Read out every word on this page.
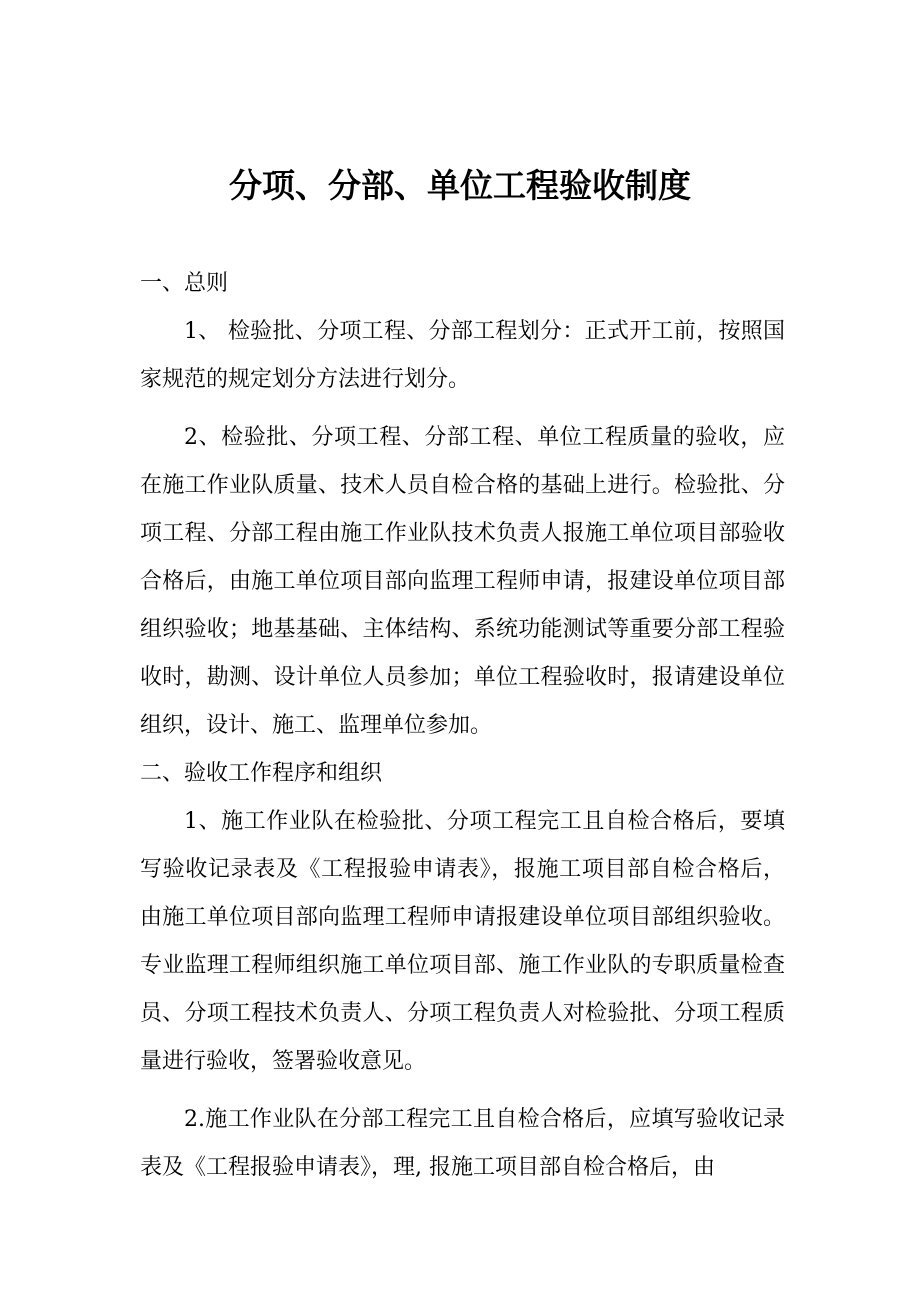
分项、分部、单位工程验收制度

一、总则

1、 检验批、分项工程、分部工程划分：正式开工前，按照国家规范的规定划分方法进行划分。

2、检验批、分项工程、分部工程、单位工程质量的验收，应在施工作业队质量、技术人员自检合格的基础上进行。检验批、分项工程、分部工程由施工作业队技术负责人报施工单位项目部验收合格后，由施工单位项目部向监理工程师申请，报建设单位项目部组织验收；地基基础、主体结构、系统功能测试等重要分部工程验收时，勘测、设计单位人员参加；单位工程验收时，报请建设单位组织，设计、施工、监理单位参加。

二、验收工作程序和组织

1、施工作业队在检验批、分项工程完工且自检合格后，要填写验收记录表及《工程报验申请表》，报施工项目部自检合格后，由施工单位项目部向监理工程师申请报建设单位项目部组织验收。专业监理工程师组织施工单位项目部、施工作业队的专职质量检查员、分项工程技术负责人、分项工程负责人对检验批、分项工程质量进行验收，签署验收意见。

2.施工作业队在分部工程完工且自检合格后，应填写验收记录表及《工程报验申请表》，理, 报施工项目部自检合格后，由
